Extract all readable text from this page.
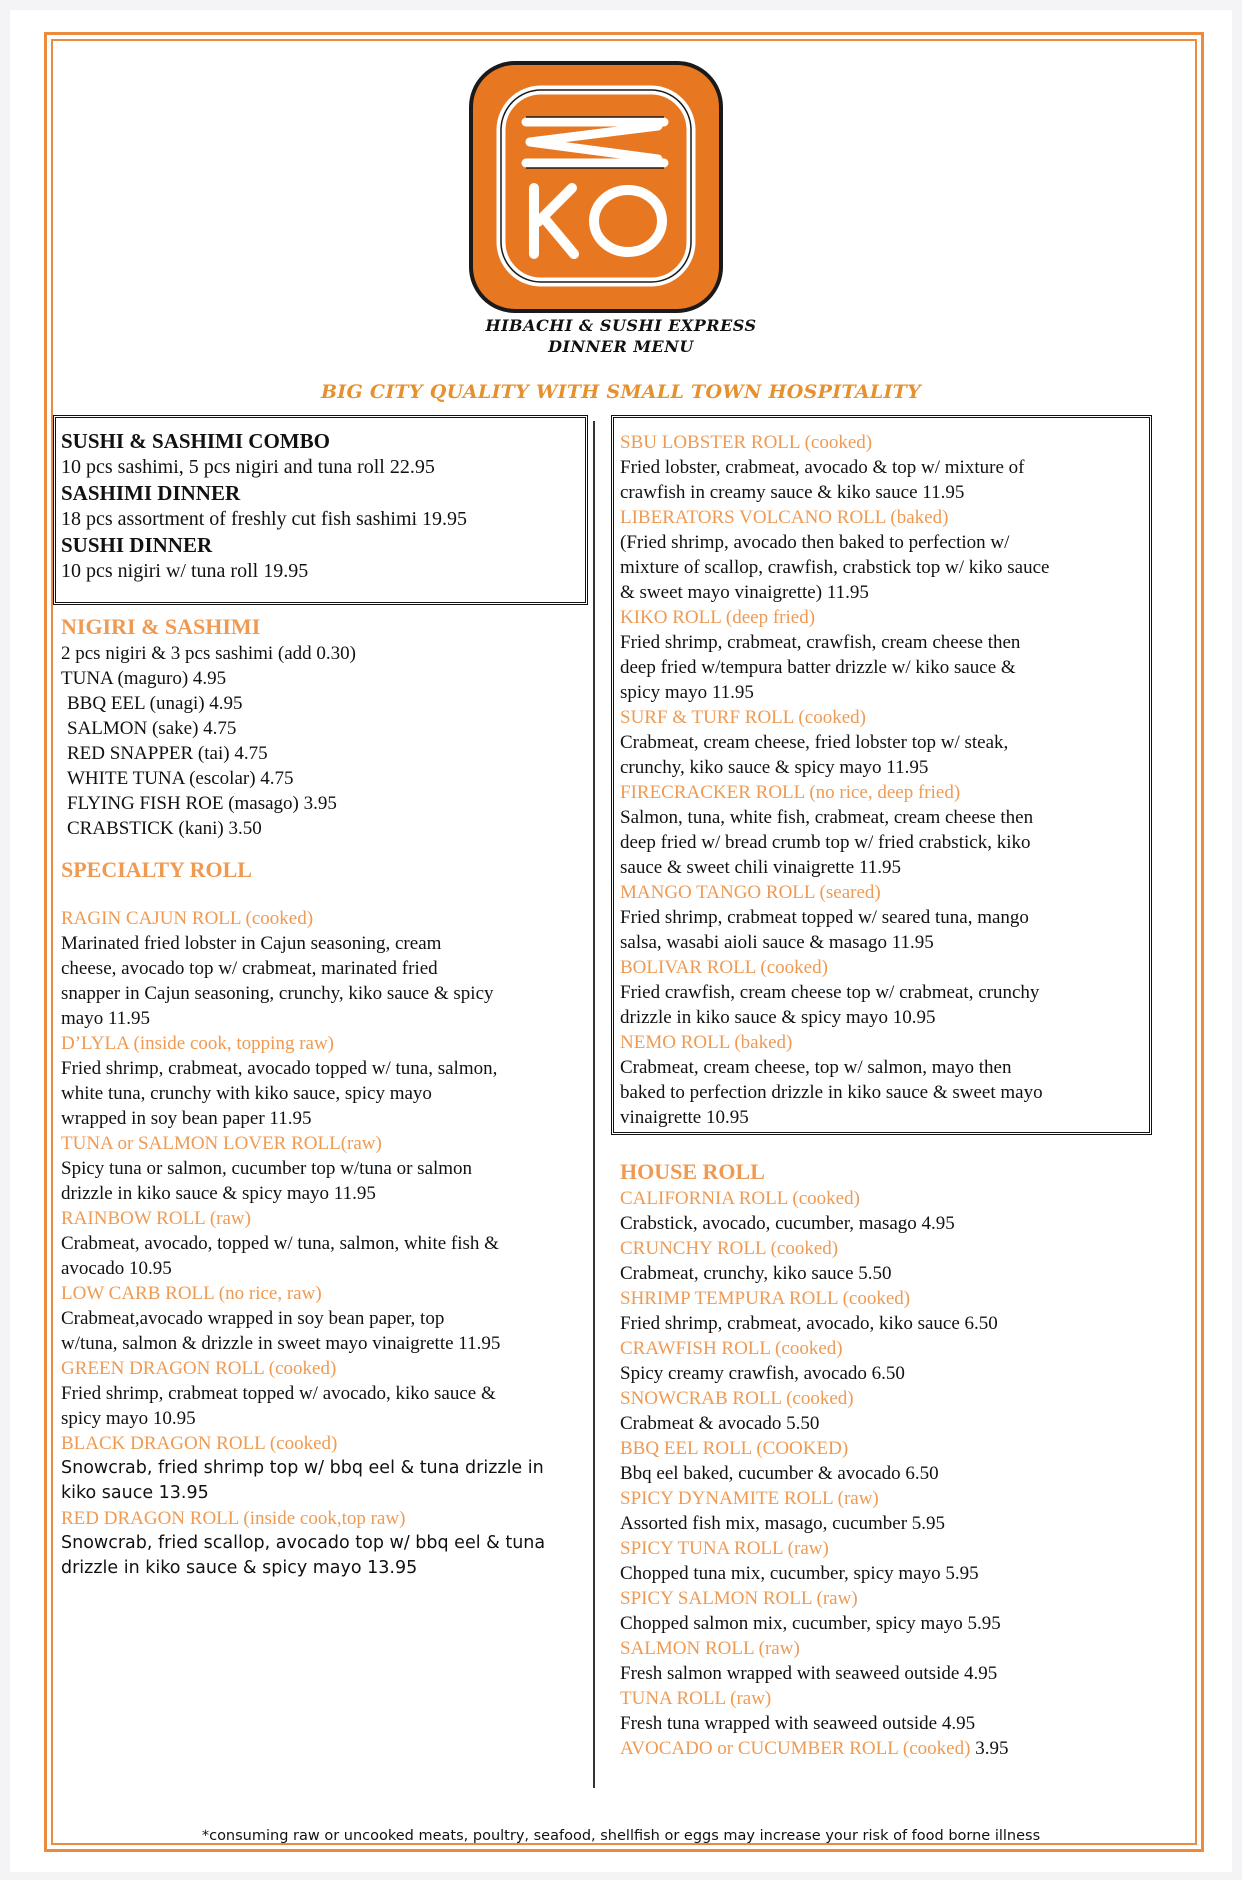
HIBACHI & SUSHI EXPRESS
DINNER MENU
BIG CITY QUALITY WITH SMALL TOWN HOSPITALITY
SUSHI & SASHIMI COMBO
10 pcs sashimi, 5 pcs nigiri and tuna roll 22.95
SASHIMI DINNER
18 pcs assortment of freshly cut fish sashimi 19.95
SUSHI DINNER
10 pcs nigiri w/ tuna roll 19.95
NIGIRI & SASHIMI
2 pcs nigiri & 3 pcs sashimi (add 0.30)
TUNA (maguro) 4.95
BBQ EEL (unagi) 4.95
SALMON (sake) 4.75
RED SNAPPER (tai) 4.75
WHITE TUNA (escolar) 4.75
FLYING FISH ROE (masago) 3.95
CRABSTICK (kani) 3.50
SPECIALTY ROLL
RAGIN CAJUN ROLL (cooked)
Marinated fried lobster in Cajun seasoning, cream
cheese, avocado top w/ crabmeat, marinated fried
snapper in Cajun seasoning, crunchy, kiko sauce & spicy
mayo 11.95
D’LYLA (inside cook, topping raw)
Fried shrimp, crabmeat, avocado topped w/ tuna, salmon,
white tuna, crunchy with kiko sauce, spicy mayo
wrapped in soy bean paper 11.95
TUNA or SALMON LOVER ROLL(raw)
Spicy tuna or salmon, cucumber top w/tuna or salmon
drizzle in kiko sauce & spicy mayo 11.95
RAINBOW ROLL (raw)
Crabmeat, avocado, topped w/ tuna, salmon, white fish &
avocado 10.95
LOW CARB ROLL (no rice, raw)
Crabmeat,avocado wrapped in soy bean paper, top
w/tuna, salmon & drizzle in sweet mayo vinaigrette 11.95
GREEN DRAGON ROLL (cooked)
Fried shrimp, crabmeat topped w/ avocado, kiko sauce &
spicy mayo 10.95
BLACK DRAGON ROLL (cooked)
Snowcrab, fried shrimp top w/ bbq eel & tuna drizzle in
kiko sauce 13.95
RED DRAGON ROLL (inside cook,top raw)
Snowcrab, fried scallop, avocado top w/ bbq eel & tuna
drizzle in kiko sauce & spicy mayo 13.95
SBU LOBSTER ROLL (cooked)
Fried lobster, crabmeat, avocado & top w/ mixture of
crawfish in creamy sauce & kiko sauce 11.95
LIBERATORS VOLCANO ROLL (baked)
(Fried shrimp, avocado then baked to perfection w/
mixture of scallop, crawfish, crabstick top w/ kiko sauce
& sweet mayo vinaigrette) 11.95
KIKO ROLL (deep fried)
Fried shrimp, crabmeat, crawfish, cream cheese then
deep fried w/tempura batter drizzle w/ kiko sauce &
spicy mayo 11.95
SURF & TURF ROLL (cooked)
Crabmeat, cream cheese, fried lobster top w/ steak,
crunchy, kiko sauce & spicy mayo 11.95
FIRECRACKER ROLL (no rice, deep fried)
Salmon, tuna, white fish, crabmeat, cream cheese then
deep fried w/ bread crumb top w/ fried crabstick, kiko
sauce & sweet chili vinaigrette 11.95
MANGO TANGO ROLL (seared)
Fried shrimp, crabmeat topped w/ seared tuna, mango
salsa, wasabi aioli sauce & masago 11.95
BOLIVAR ROLL (cooked)
Fried crawfish, cream cheese top w/ crabmeat, crunchy
drizzle in kiko sauce & spicy mayo 10.95
NEMO ROLL (baked)
Crabmeat, cream cheese, top w/ salmon, mayo then
baked to perfection drizzle in kiko sauce & sweet mayo
vinaigrette 10.95
HOUSE ROLL
CALIFORNIA ROLL (cooked)
Crabstick, avocado, cucumber, masago 4.95
CRUNCHY ROLL (cooked)
Crabmeat, crunchy, kiko sauce 5.50
SHRIMP TEMPURA ROLL (cooked)
Fried shrimp, crabmeat, avocado, kiko sauce 6.50
CRAWFISH ROLL (cooked)
Spicy creamy crawfish, avocado 6.50
SNOWCRAB ROLL (cooked)
Crabmeat & avocado 5.50
BBQ EEL ROLL (COOKED)
Bbq eel baked, cucumber & avocado 6.50
SPICY DYNAMITE ROLL (raw)
Assorted fish mix, masago, cucumber 5.95
SPICY TUNA ROLL (raw)
Chopped tuna mix, cucumber, spicy mayo 5.95
SPICY SALMON ROLL (raw)
Chopped salmon mix, cucumber, spicy mayo 5.95
SALMON ROLL (raw)
Fresh salmon wrapped with seaweed outside 4.95
TUNA ROLL (raw)
Fresh tuna wrapped with seaweed outside 4.95
AVOCADO or CUCUMBER ROLL (cooked) 3.95
*consuming raw or uncooked meats, poultry, seafood, shellfish or eggs may increase your risk of food borne illness
